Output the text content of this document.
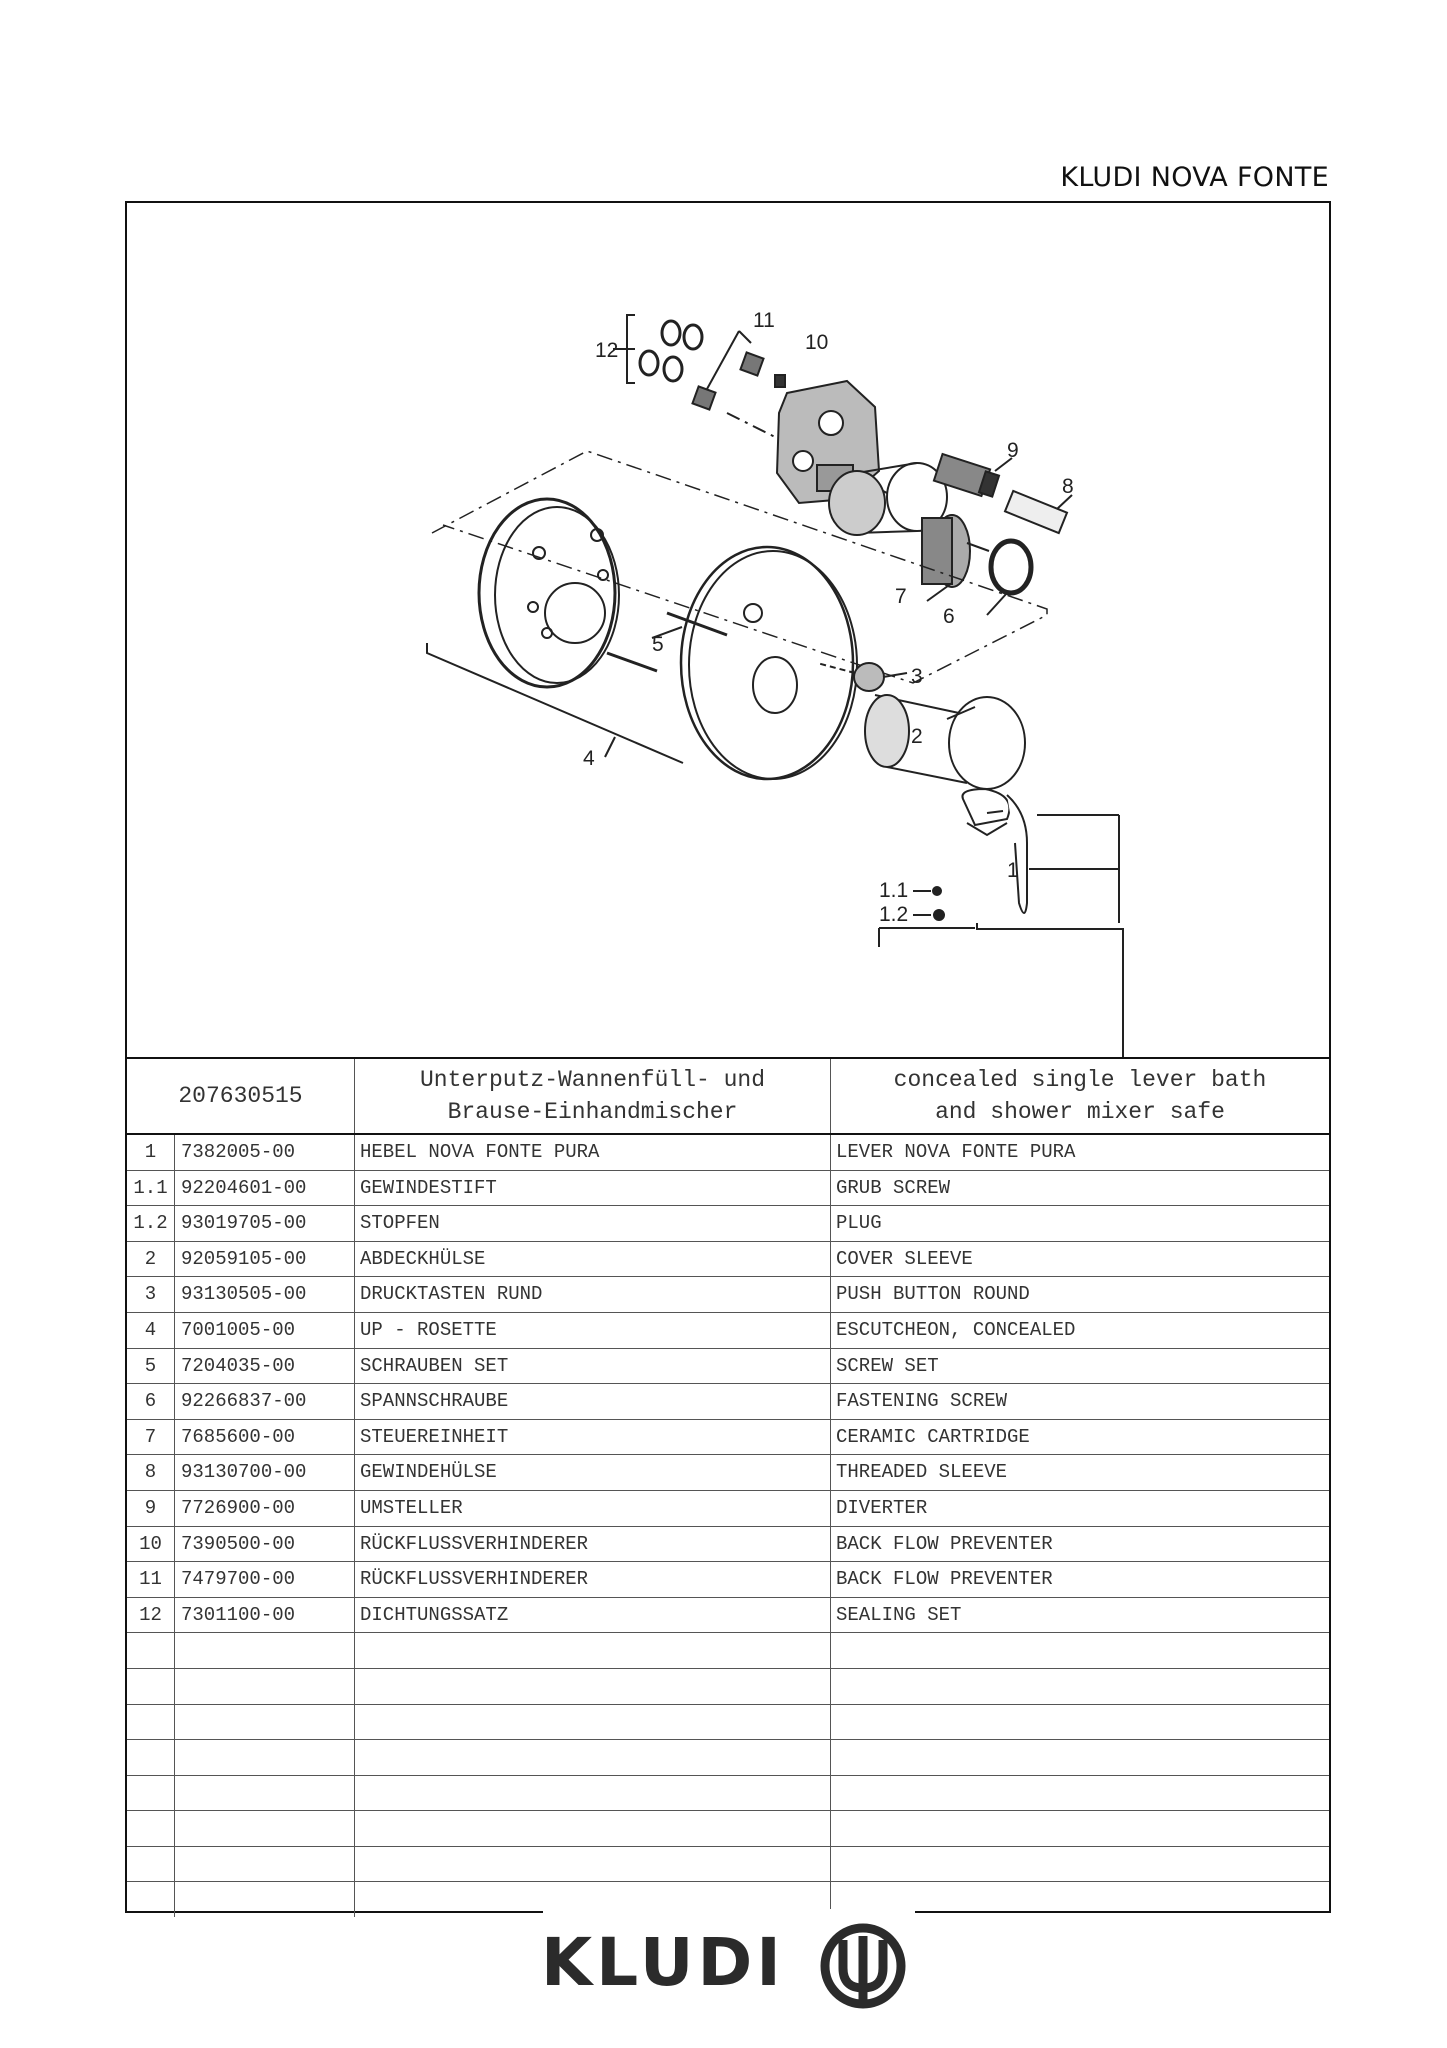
KLUDI NOVA FONTE
12
11
10
9
8
7
6
5
4
3
2
1
1.1
1.2
207630515
Unterputz-Wannenfüll- und
Brause-Einhandmischer
concealed single lever bath
and shower mixer safe
1	7382005-00	HEBEL NOVA FONTE PURA	LEVER NOVA FONTE PURA
1.1 92204601-00	GEWINDESTIFT	GRUB SCREW
1.2 93019705-00	STOPFEN	PLUG
2	92059105-00	ABDECKHÜLSE	COVER SLEEVE
3	93130505-00	DRUCKTASTEN RUND	PUSH BUTTON ROUND
4	7001005-00	UP - ROSETTE	ESCUTCHEON, CONCEALED
5	7204035-00	SCHRAUBEN SET	SCREW SET
6	92266837-00	SPANNSCHRAUBE	FASTENING SCREW
7	7685600-00	STEUEREINHEIT	CERAMIC CARTRIDGE
8	93130700-00	GEWINDEHÜLSE	THREADED SLEEVE
9	7726900-00	UMSTELLER	DIVERTER
10	7390500-00	RÜCKFLUSSVERHINDERER	BACK FLOW PREVENTER
11	7479700-00	RÜCKFLUSSVERHINDERER	BACK FLOW PREVENTER
12	7301100-00	DICHTUNGSSATZ	SEALING SET
KLUDI
